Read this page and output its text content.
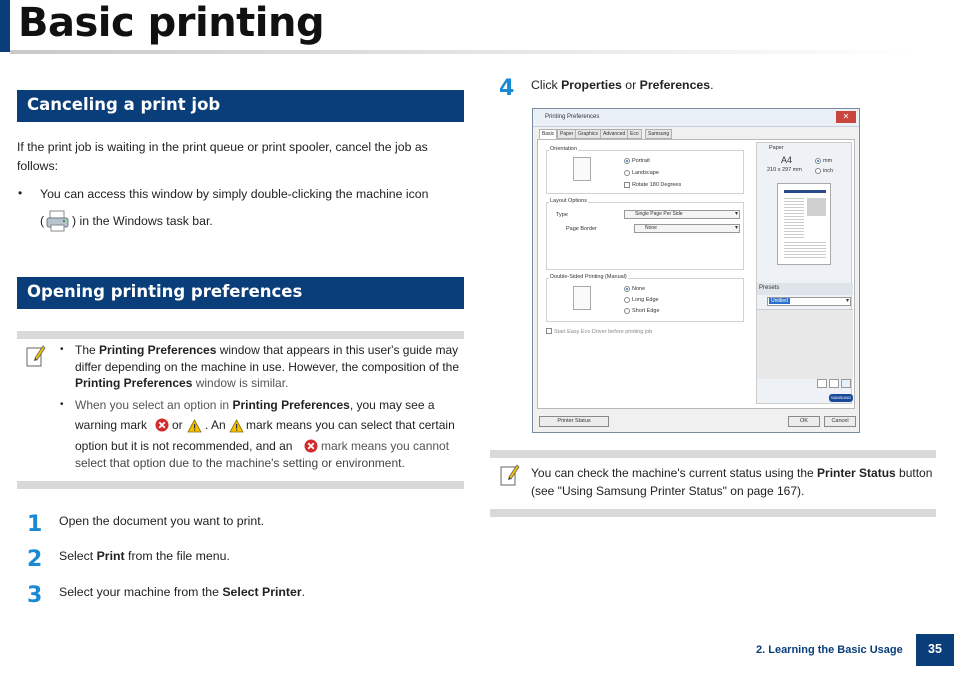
Basic printing
Canceling a print job
If the print job is waiting in the print queue or print spooler, cancel the job as follows:
• You can access this window by simply double-clicking the machine icon
( ) in the Windows task bar.
Opening printing preferences
• The Printing Preferences window that appears in this user's guide may differ depending on the machine in use. However, the composition of the Printing Preferences window is similar.
• When you select an option in Printing Preferences, you may see a
warning mark or . An mark means you can select that certain
option but it is not recommended, and an mark means you cannot
select that option due to the machine's setting or environment.
1 Open the document you want to print.
2 Select Print from the file menu.
3 Select your machine from the Select Printer.
4 Click Properties or Preferences.
Printing Preferences	✕
Basic	Paper Graphics Advanced Eco	Samsung
Orientation
Portrait
Landscape
Rotate 180 Degrees
Layout Options
Type	Single Page Per Side ▾
Page Border	None ▾
Double-Sided Printing (Manual)
None
Long Edge
Short Edge
Start Easy Eco Driver before printing job
Paper
A4
210 x 297 mm
mm
inch
Presets
Untitled	▾
SAMSUNG
Printer Status	OK	Cancel
You can check the machine's current status using the Printer Status button
(see "Using Samsung Printer Status" on page 167).
2. Learning the Basic Usage	35
